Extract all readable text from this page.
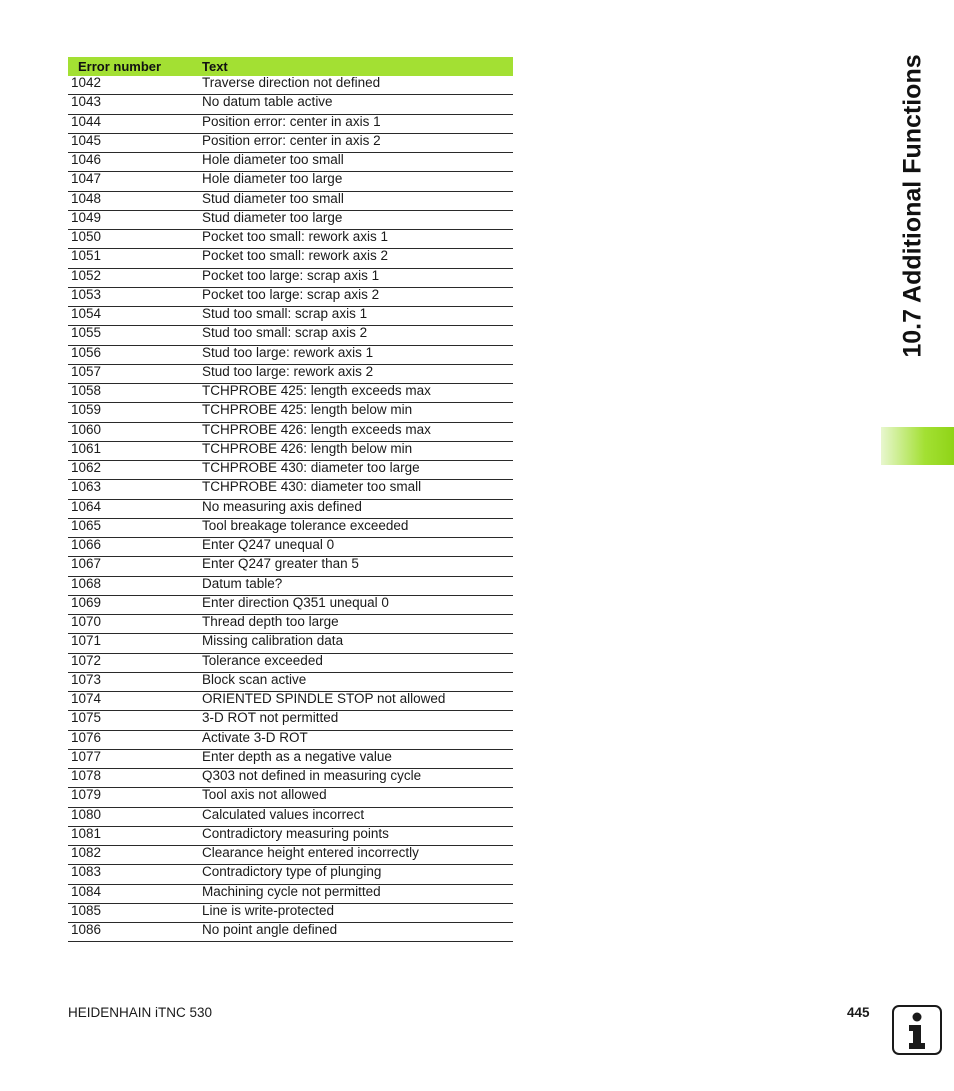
Error number	Text
1042	Traverse direction not defined
1043	No datum table active
1044	Position error: center in axis 1
1045	Position error: center in axis 2
1046	Hole diameter too small
1047	Hole diameter too large
1048	Stud diameter too small
1049	Stud diameter too large
1050	Pocket too small: rework axis 1
1051	Pocket too small: rework axis 2
1052	Pocket too large: scrap axis 1
1053	Pocket too large: scrap axis 2
1054	Stud too small: scrap axis 1
1055	Stud too small: scrap axis 2
1056	Stud too large: rework axis 1
1057	Stud too large: rework axis 2
1058	TCHPROBE 425: length exceeds max
1059	TCHPROBE 425: length below min
1060	TCHPROBE 426: length exceeds max
1061	TCHPROBE 426: length below min
1062	TCHPROBE 430: diameter too large
1063	TCHPROBE 430: diameter too small
1064	No measuring axis defined
1065	Tool breakage tolerance exceeded
1066	Enter Q247 unequal 0
1067	Enter Q247 greater than 5
1068	Datum table?
1069	Enter direction Q351 unequal 0
1070	Thread depth too large
1071	Missing calibration data
1072	Tolerance exceeded
1073	Block scan active
1074	ORIENTED SPINDLE STOP not allowed
1075	3-D ROT not permitted
1076	Activate 3-D ROT
1077	Enter depth as a negative value
1078	Q303 not defined in measuring cycle
1079	Tool axis not allowed
1080	Calculated values incorrect
1081	Contradictory measuring points
1082	Clearance height entered incorrectly
1083	Contradictory type of plunging
1084	Machining cycle not permitted
1085	Line is write-protected
1086	No point angle defined
10.7 Additional Functions
HEIDENHAIN iTNC 530	445
